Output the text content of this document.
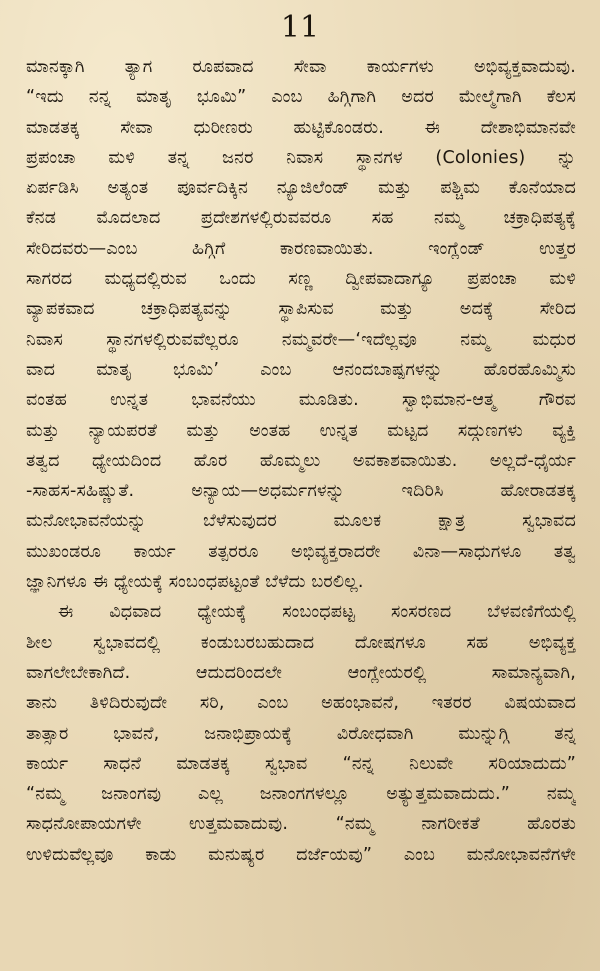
11
ಮಾನಕ್ಕಾಗಿ ತ್ಯಾಗ ರೂಪವಾದ ಸೇವಾ ಕಾರ್ಯಗಳು ಅಭಿವ್ಯಕ್ತವಾದುವು.
“ಇದು ನನ್ನ ಮಾತೃ ಭೂಮಿ” ಎಂಬ ಹಿಗ್ಗಿಗಾಗಿ ಅದರ ಮೇಲ್ಮೆಗಾಗಿ ಕೆಲಸ
ಮಾಡತಕ್ಕ ಸೇವಾ ಧುರೀಣರು ಹುಟ್ಟಿಕೊಂಡರು. ಈ ದೇಶಾಭಿಮಾನವೇ
ಪ್ರಪಂಚಾ ಮಳಿ ತನ್ನ ಜನರ ನಿವಾಸ ಸ್ಥಾನಗಳ (Colonies) ನ್ನು
ಏರ್ಪಡಿಸಿ ಅತ್ಯಂತ ಪೂರ್ವದಿಕ್ಕಿನ ನ್ಯೂಜಿಲೆಂಡ್ ಮತ್ತು ಪಶ್ಚಿಮ ಕೊನೆಯಾದ
ಕೆನಡ ಮೊದಲಾದ ಪ್ರದೇಶಗಳಲ್ಲಿರುವವರೂ ಸಹ ನಮ್ಮ ಚಕ್ರಾಧಿಪತ್ಯಕ್ಕೆ
ಸೇರಿದವರು—ಎಂಬ ಹಿಗ್ಗಿಗೆ ಕಾರಣವಾಯಿತು. ಇಂಗ್ಲೆಂಡ್ ಉತ್ತರ
ಸಾಗರದ ಮಧ್ಯದಲ್ಲಿರುವ ಒಂದು ಸಣ್ಣ ದ್ವೀಪವಾದಾಗ್ಯೂ ಪ್ರಪಂಚಾ ಮಳಿ
ವ್ಯಾಪಕವಾದ ಚಕ್ರಾಧಿಪತ್ಯವನ್ನು ಸ್ಥಾಪಿಸುವ ಮತ್ತು ಅದಕ್ಕೆ ಸೇರಿದ
ನಿವಾಸ ಸ್ಥಾನಗಳಲ್ಲಿರುವವೆಲ್ಲರೂ ನಮ್ಮವರೇ—‘ಇದೆಲ್ಲವೂ ನಮ್ಮ ಮಧುರ
ವಾದ ಮಾತೃ ಭೂಮಿ’ ಎಂಬ ಆನಂದಬಾಷ್ಪಗಳನ್ನು ಹೊರಹೊಮ್ಮಿಸು
ವಂತಹ ಉನ್ನತ ಭಾವನೆಯು ಮೂಡಿತು. ಸ್ವಾಭಿಮಾನ-ಆತ್ಮ ಗೌರವ
ಮತ್ತು ನ್ಯಾಯಪರತೆ ಮತ್ತು ಅಂತಹ ಉನ್ನತ ಮಟ್ಟದ ಸದ್ಗುಣಗಳು ವ್ಯಕ್ತಿ
ತತ್ವದ ಧ್ಯೇಯದಿಂದ ಹೊರ ಹೊಮ್ಮಲು ಅವಕಾಶವಾಯಿತು. ಅಲ್ಲದೆ-ಧೈರ್ಯ
-ಸಾಹಸ-ಸಹಿಷ್ಣುತೆ. ಅನ್ಯಾಯ—ಅಧರ್ಮಗಳನ್ನು ಇದಿರಿಸಿ ಹೋರಾಡತಕ್ಕ
ಮನೋಭಾವನೆಯನ್ನು ಬೆಳೆಸುವುದರ ಮೂಲಕ ಕ್ಷಾತ್ರ ಸ್ವಭಾವದ
ಮುಖಂಡರೂ ಕಾರ್ಯ ತತ್ಪರರೂ ಅಭಿವ್ಯಕ್ತರಾದರೇ ವಿನಾ—ಸಾಧುಗಳೂ ತತ್ವ
ಜ್ಞಾನಿಗಳೂ ಈ ಧ್ಯೇಯಕ್ಕೆ ಸಂಬಂಧಪಟ್ಟಂತೆ ಬೆಳೆದು ಬರಲಿಲ್ಲ.
ಈ ವಿಧವಾದ ಧ್ಯೇಯಕ್ಕೆ ಸಂಬಂಧಪಟ್ಟ ಸಂಸರಣದ ಬೆಳವಣಿಗೆಯಲ್ಲಿ
ಶೀಲ ಸ್ವಭಾವದಲ್ಲಿ ಕಂಡುಬರಬಹುದಾದ ದೋಷಗಳೂ ಸಹ ಅಭಿವ್ಯಕ್ತ
ವಾಗಲೇಬೇಕಾಗಿದೆ. ಆದುದರಿಂದಲೇ ಆಂಗ್ಲೇಯರಲ್ಲಿ ಸಾಮಾನ್ಯವಾಗಿ,
ತಾನು ತಿಳಿದಿರುವುದೇ ಸರಿ, ಎಂಬ ಅಹಂಭಾವನೆ, ಇತರರ ವಿಷಯವಾದ
ತಾತ್ಸಾರ ಭಾವನೆ, ಜನಾಭಿಪ್ರಾಯಕ್ಕೆ ವಿರೋಧವಾಗಿ ಮುನ್ನುಗ್ಗಿ ತನ್ನ
ಕಾರ್ಯ ಸಾಧನೆ ಮಾಡತಕ್ಕ ಸ್ವಭಾವ “ನನ್ನ ನಿಲುವೇ ಸರಿಯಾದುದು”
“ನಮ್ಮ ಜನಾಂಗವು ಎಲ್ಲ ಜನಾಂಗಗಳಲ್ಲೂ ಅತ್ಯುತ್ತಮವಾದುದು.” ನಮ್ಮ
ಸಾಧನೋಪಾಯಗಳೇ ಉತ್ತಮವಾದುವು. “ನಮ್ಮ ನಾಗರೀಕತೆ ಹೊರತು
ಉಳಿದುವೆಲ್ಲವೂ ಕಾಡು ಮನುಷ್ಯರ ದರ್ಜೆಯವು” ಎಂಬ ಮನೋಭಾವನೆಗಳೇ
